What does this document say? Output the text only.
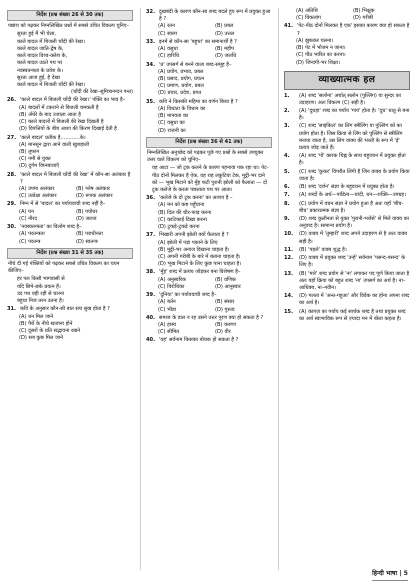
निर्देश (प्रश्न संख्या 26 से 30 तक)
पद्यांश को पढ़कर निम्नलिखित प्रश्नों में सबसे उचित विकल्प चुनिए–
सुरता हुई मैं भी चेला,
काले बादल में बिजली चाँदी की रेखा।
काले बादल जाति-द्वेष के,
काले बादल विश्व-क्लेश के,
काले बादल उठते पथ पर
नवस्वतन्त्रता के प्रवेश के।
सुरता आज हुई, है देखा
काले बादल में बिजली चाँदी की रेखा।
(चाँदी की रेखा–सुमित्रानन्दन पन्त)
26. 'काले बादल में बिजली चाँदी की रेखा।' पंक्ति का भाव है–
(A) बादलों में टकराने से बिजली चमकती है
(B) अँधेरे के बाद उजाला आता है
(C) काले बादलों में बिजली की रेखा दिखती है
(D) विपत्तियों के बीच आशा की किरण दिखाई देती है
27. 'काले बादल' प्रतीक है............के।
(A) मानसून द्वारा आने वाली खुशहाली
(B) तूफान
(C) नमी से युक्त
(D) दुर्गम विघ्नबाधाएँ
28. 'काले बादल में बिजली चाँदी की रेखा' में कौन-सा अलंकार है ?
(A) उपमा अलंकार	(B) श्लेष अलंकार
(C) उत्प्रेक्षा अलंकार	(D) रूपक अलंकार
29. निम्न में से 'बादल' का पर्यायवाची शब्द नहीं है–
(A) घन	(B) पयोधर
(C) नीरद	(D) जलज
30. 'नवस्वतन्त्रता' का विलोम शब्द है–
(A) परतन्त्रता	(B) पराधीनता
(C) परतन्त्र	(D) स्वतन्त्र
निर्देश (प्रश्न संख्या 31 से 35 तक)
नीचे दी गई पंक्तियों को पढ़कर सबसे उचित विकल्प का चयन कीजिए–
हर पल किसी भागवासी से
यदि छिपे-छके प्रयत्न हैं।
उद पथ वही रही से चलना
बहुधा निज तरन उतना है।
31. कवि के अनुसार कौन-सी बात सच सुख होता है ?
(A) धन मिल जाने
(B) पैरों के नीचे खजाना होने
(C) दूसरों के प्रति सद्भावना रखने
(D) सब कुछ मिल जाने
32. दुखबंदी के कारण कौन-सा शब्द बदले हुए रूप में प्रयुक्त हुआ है ?
(A) रतन	(B) प्रबल
(C) स्वल्प	(D) उत्तल
33. इनमें से कौन-सा 'बहुधा' का समानार्थी है ?
(A) वसुधा	(B) महीप
(C) हारिधि	(D) जलधि
34. 'प्र' उपसर्ग से बनने वाला शब्द-समूह है–
(A) प्रयोग, प्रभाव, प्रबल
(B) प्रसाद, प्रयोग, प्रयत्न
(C) प्रमाण, प्रयोग, प्रबल
(D) प्रचार, प्रदेश, प्रगत
35. कवि ने किसकी महिमा का वर्णन किया है ?
(A) विधाता के विधान का
(B) मानवता का
(C) वसुधा का
(D) राजनी का
निर्देश (प्रश्न संख्या 36 से 41 तक)
निम्नलिखित अनुच्छेद को पढ़कर पूछे गए प्रश्नों के सबसे उपयुक्त उत्तर वाले विकल्प को चुनिए–
वह आटा — जो ट्रक कलने के कारण पहनाया पक रहा था। पेट-पीठ दोनों मिलकर है ऐक, वह राह लकुटिया टेक, मुट्ठी-भर दाने को — भूख मिटाने को मुँह फटी पुरानी झोली को फैलाता — दो टूक कलेजे के करता पछताता पथ पर आता।
36. 'कलेजे के दो टूक करना' का आशय है –
(A) मन को कष्ट पहुँचाना
(B) दिल की चीर-फाड़ करना
(C) काटिकाई दिखा करना
(D) टुकड़े-टुकड़े करना
37. भिखारी अपनी झोली क्यों फैलाता है ?
(A) झोली में पड़ा पकाने के लिए
(B) मुट्ठी-भर अनाज दिखाना चाहता है।
(C) अपनी गरीबी के बारे में बताना चाहता है।
(D) भूख मिटाने के लिए कुछ पाना चाहता है।
38. 'मुँह' शब्द में प्रत्यय जोड़कर बना विशेषण है–
(A) अनुस्वरिक	(B) वणिक
(C) विरोधिका	(D) आनुस्वार
39. 'दुनिया' का पर्यायवाची शब्द है–
(A) बर्तन	(B) संसार
(C) भीडा	(D) गुरुत्व
40. समाज के डाल न रह उसने उत्तर पूरण क्या हो सकता है ?
(A) हास्य	(B) करुणा
(C) सीमित	(D) वीर
40. 'वह' सर्वनाम किसका बोधक हो सकता है ?
(A) अतिथि	(B) भिक्षुक
(C) विकलांग	(D) गरीबी
41. 'पेट-पीठ दोनों मिलकर है एक' इसका कारण क्या हो सकता है ?
(A) झुककर चलना।
(B) पेट में भोजन न जाना।
(C) पीठ भारित का करना।
(D) जिन्दगी-भर शिक्षा।
व्याख्यात्मक हल
1.	(A) शब्द 'सलोना' अर्थात् सलोन (पुल्लिंग) या सुन्दर का उदाहरण। अतः विकल्प (C) सही है।
2.	(A) 'दुधहा' शब्द का पर्याय 'गाय' होता है। 'दुध' धातु से बना है।
3.	(C) शब्द 'साइकिल' का लिंग स्त्रीलिंग या पुल्लिंग को का प्रयोग होता है। जिस क्रिया से लिंग को पुल्लिंग से स्त्रीलिंग बनाया जाता है, उस लिंग वाक्य की भरती के रूप में 'ई' प्रत्यय जोड़ जाते हैं।
4.	(A) शब्द 'पो' कारक चिह्न के साथ बहुवचन में प्रयुक्त होता है।
5.	(C) शब्द 'कुकर' विपरीत लिंगी है जिन वाक्य के प्रयोग किया जाता है।
6.	(B) शब्द 'दर्शन' संज्ञा के बहुवचन में प्रयुक्त होता है।
7.	(A) शब्दों के अर्थ—पांडित्य—चांदी, धन—शक्ति—उपग्रह।
8.	(C) प्रयोग में वचन संज्ञा ने प्रयोग हुआ है अतः यहाँ 'बीच-बीच' प्रकारात्मक संज्ञा है।
9.	(D) शब्द कुलीनता से युक्त 'पुरानी-भरोसे' से मिले वाक्य का अनुवाद है। सामान्य प्रयोग है।
10.	(D) वाक्य में 'तुम्हारी' शब्द अपने उदाहरण से है अतः वाक्य सही है।
11.	(B) 'पहले' वाक्य शुद्ध है।
12.	(D) वाक्य में प्रयुक्त शब्द 'उन्हें' सर्वनाम 'पसन्द-पसन्द' के लिए है।
13.	(B) 'मारे' शब्द प्रयोग से 'ना' लगाकर पद पूर्ण किया जाता है अतः यहाँ क्रिया को बहुत शब्द 'ना' उपसर्ग का अर्थ है। ना–आधिक्य, ना–नवीन।
14.	(D) गलता में 'अन्त-गहुआ' और विवेक का होना अपना शब्द का अर्थ है।
15.	(A) काग़ज़ का पर्याय कई सार्थक शब्द है तथा प्रयुक्त शब्द का अर्थ स्वाभाविक रूप से ज़्यादा मन में बोला कहता है।
हिन्दी भाषा | 5
